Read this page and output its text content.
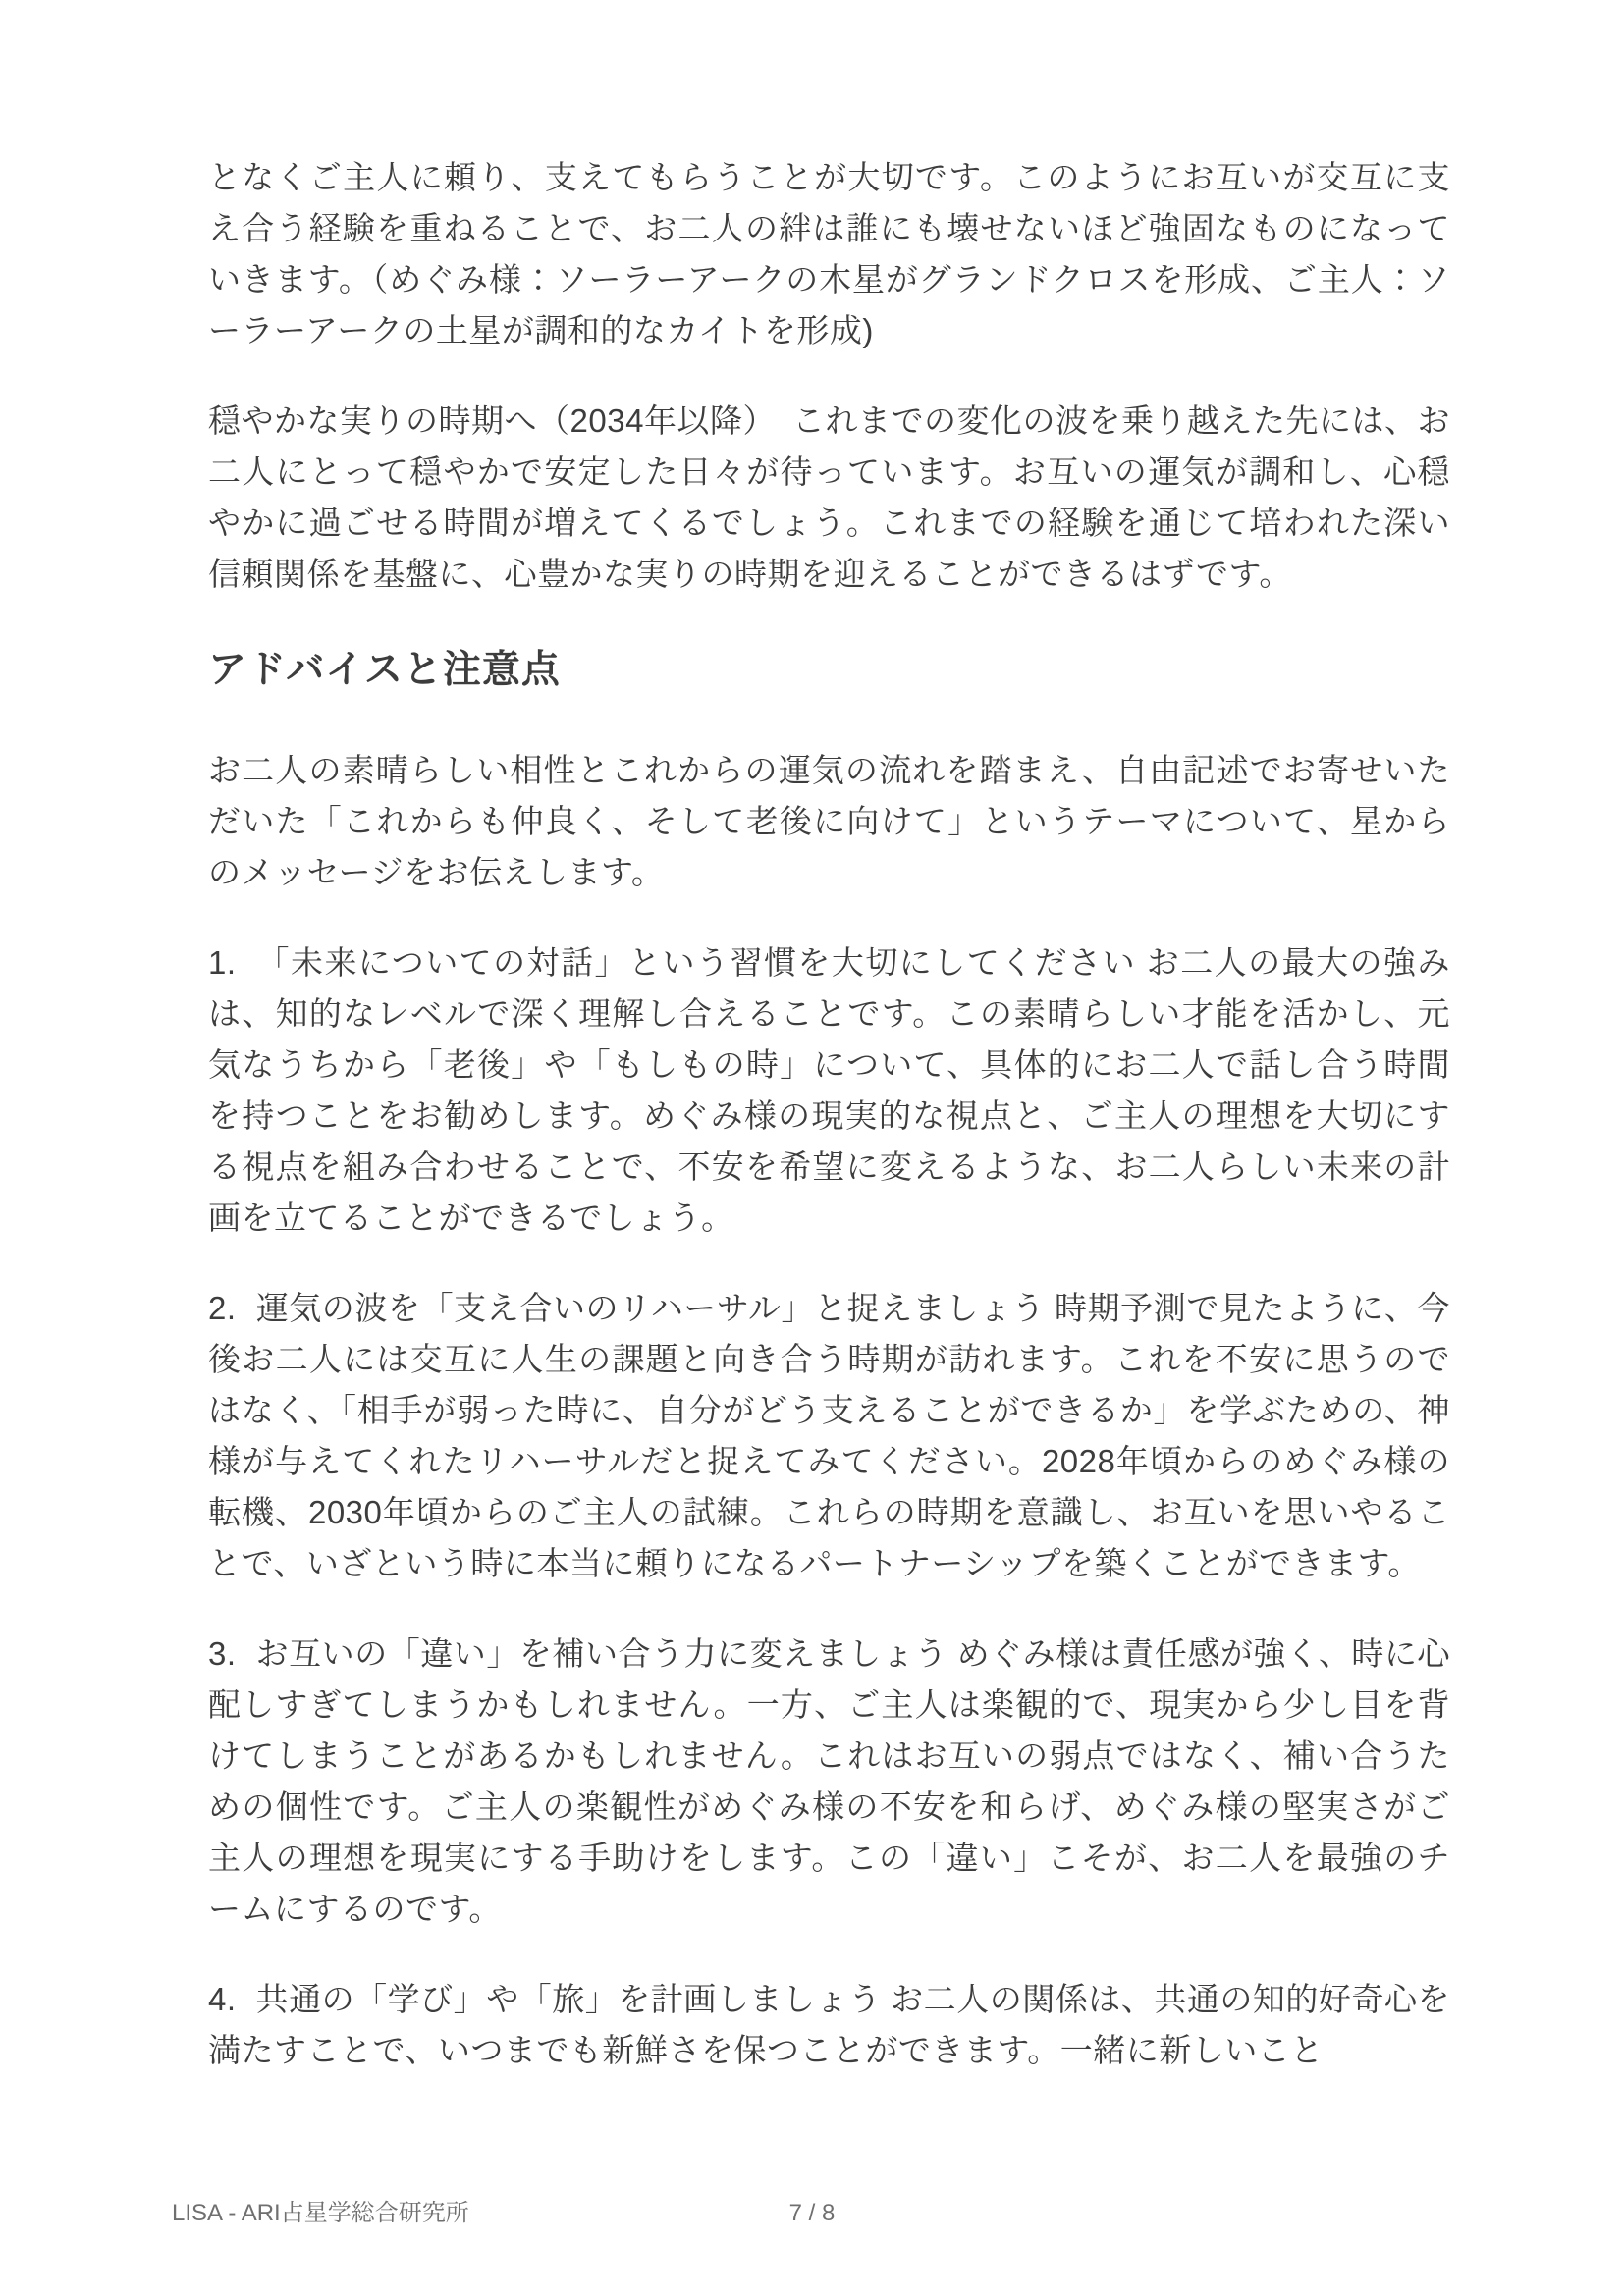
となくご主人に頼り、支えてもらうことが大切です。このようにお互いが交互に支え合う経験を重ねることで、お二人の絆は誰にも壊せないほど強固なものになっていきます。（めぐみ様：ソーラーアークの木星がグランドクロスを形成、ご主人：ソーラーアークの土星が調和的なカイトを形成)

穏やかな実りの時期へ（2034年以降）　これまでの変化の波を乗り越えた先には、お二人にとって穏やかで安定した日々が待っています。お互いの運気が調和し、心穏やかに過ごせる時間が増えてくるでしょう。これまでの経験を通じて培われた深い信頼関係を基盤に、心豊かな実りの時期を迎えることができるはずです。

アドバイスと注意点

お二人の素晴らしい相性とこれからの運気の流れを踏まえ、自由記述でお寄せいただいた「これからも仲良く、そして老後に向けて」というテーマについて、星からのメッセージをお伝えします。

1. 「未来についての対話」という習慣を大切にしてください お二人の最大の強みは、知的なレベルで深く理解し合えることです。この素晴らしい才能を活かし、元気なうちから「老後」や「もしもの時」について、具体的にお二人で話し合う時間を持つことをお勧めします。めぐみ様の現実的な視点と、ご主人の理想を大切にする視点を組み合わせることで、不安を希望に変えるような、お二人らしい未来の計画を立てることができるでしょう。

2. 運気の波を「支え合いのリハーサル」と捉えましょう 時期予測で見たように、今後お二人には交互に人生の課題と向き合う時期が訪れます。これを不安に思うのではなく、「相手が弱った時に、自分がどう支えることができるか」を学ぶための、神様が与えてくれたリハーサルだと捉えてみてください。2028年頃からのめぐみ様の転機、2030年頃からのご主人の試練。これらの時期を意識し、お互いを思いやることで、いざという時に本当に頼りになるパートナーシップを築くことができます。

3. お互いの「違い」を補い合う力に変えましょう めぐみ様は責任感が強く、時に心配しすぎてしまうかもしれません。一方、ご主人は楽観的で、現実から少し目を背けてしまうことがあるかもしれません。これはお互いの弱点ではなく、補い合うための個性です。ご主人の楽観性がめぐみ様の不安を和らげ、めぐみ様の堅実さがご主人の理想を現実にする手助けをします。この「違い」こそが、お二人を最強のチームにするのです。

4. 共通の「学び」や「旅」を計画しましょう お二人の関係は、共通の知的好奇心を満たすことで、いつまでも新鮮さを保つことができます。一緒に新しいこと

LISA - ARI占星学総合研究所	7 / 8
